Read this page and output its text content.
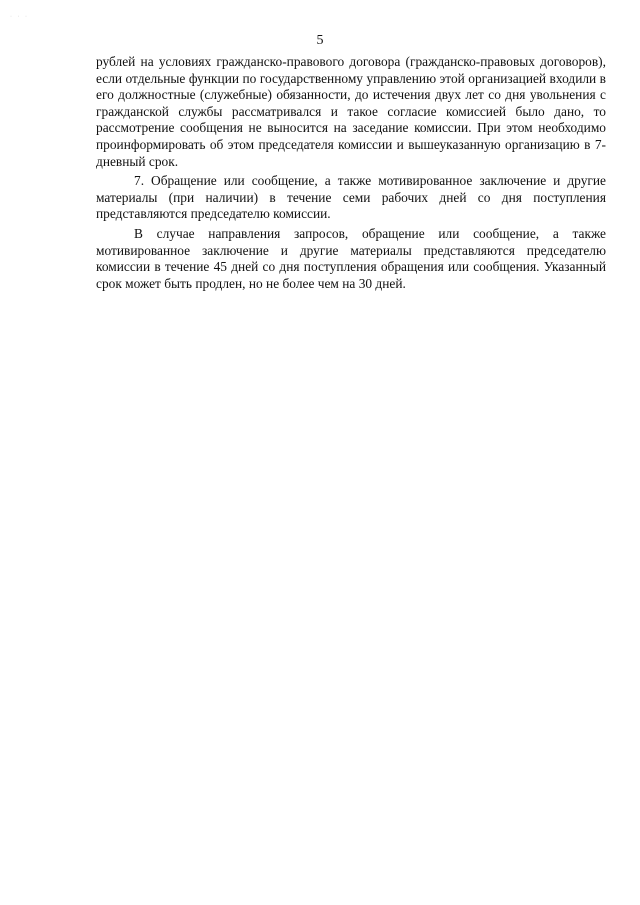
· · ·
5

рублей на условиях гражданско-правового договора (гражданско-правовых договоров), если отдельные функции по государственному управлению этой организацией входили в его должностные (служебные) обязанности, до истечения двух лет со дня увольнения с гражданской службы рассматривался и такое согласие комиссией было дано, то рассмотрение сообщения не выносится на заседание комиссии. При этом необходимо проинформировать об этом председателя комиссии и вышеуказанную организацию в 7-дневный срок.

7. Обращение или сообщение, а также мотивированное заключение и другие материалы (при наличии) в течение семи рабочих дней со дня поступления представляются председателю комиссии.

В случае направления запросов, обращение или сообщение, а также мотивированное заключение и другие материалы представляются председателю комиссии в течение 45 дней со дня поступления обращения или сообщения. Указанный срок может быть продлен, но не более чем на 30 дней.
